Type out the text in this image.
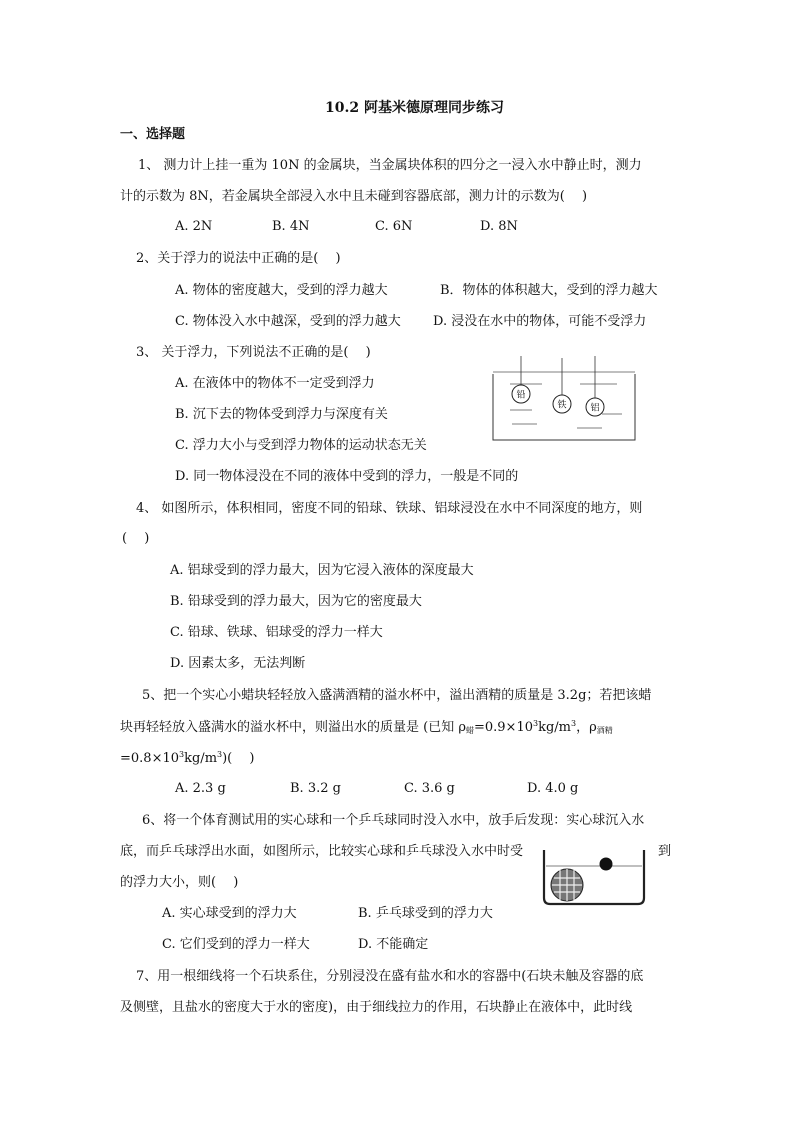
10.2 阿基米德原理同步练习
一、选择题
1、 测力计上挂一重为 10N 的金属块，当金属块体积的四分之一浸入水中静止时，测力
计的示数为 8N，若金属块全部浸入水中且未碰到容器底部，测力计的示数为(　 )
A. 2N	B. 4N	C. 6N	D. 8N
2、关于浮力的说法中正确的是(　 )
A. 物体的密度越大，受到的浮力越大	B．物体的体积越大，受到的浮力越大
C. 物体没入水中越深，受到的浮力越大 D. 浸没在水中的物体，可能不受浮力
3、 关于浮力，下列说法不正确的是(　 )
A. 在液体中的物体不一定受到浮力
B. 沉下去的物体受到浮力与深度有关
C. 浮力大小与受到浮力物体的运动状态无关
D. 同一物体浸没在不同的液体中受到的浮力，一般是不同的
铅
铁	铝
4、 如图所示，体积相同，密度不同的铅球、铁球、铝球浸没在水中不同深度的地方，则
(　 )
A. 铝球受到的浮力最大，因为它浸入液体的深度最大
B. 铅球受到的浮力最大，因为它的密度最大
C. 铅球、铁球、铝球受的浮力一样大
D. 因素太多，无法判断
5、把一个实心小蜡块轻轻放入盛满酒精的溢水杯中，溢出酒精的质量是 3.2g；若把该蜡
块再轻轻放入盛满水的溢水杯中，则溢出水的质量是 (已知 $\rho_蜡=0.9\times 10^3kg/m^3$，$\rho_{酒精}$
$=0.8\times 10^3kg/m^3$)(　 )
A. 2.3 g	B. 3.2 g	C. 3.6 g	D. 4.0 g
6、将一个体育测试用的实心球和一个乒乓球同时没入水中，放手后发现：实心球沉入水
底，而乒乓球浮出水面，如图所示，比较实心球和乒乓球没入水中时受	到
的浮力大小，则(　 )
A. 实心球受到的浮力大	B. 乒乓球受到的浮力大
C. 它们受到的浮力一样大	D. 不能确定
7、用一根细线将一个石块系住，分别浸没在盛有盐水和水的容器中(石块未触及容器的底
及侧壁，且盐水的密度大于水的密度)，由于细线拉力的作用，石块静止在液体中，此时线
